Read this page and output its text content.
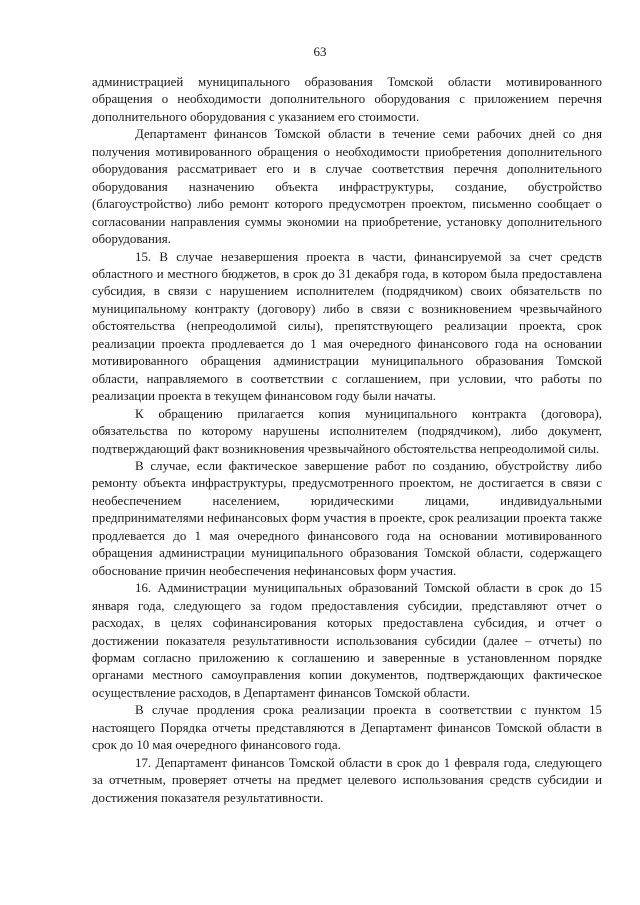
63

администрацией муниципального образования Томской области мотивированного обращения о необходимости дополнительного оборудования с приложением перечня дополнительного оборудования с указанием его стоимости.

Департамент финансов Томской области в течение семи рабочих дней со дня получения мотивированного обращения о необходимости приобретения дополнительного оборудования рассматривает его и в случае соответствия перечня дополнительного оборудования назначению объекта инфраструктуры, создание, обустройство (благоустройство) либо ремонт которого предусмотрен проектом, письменно сообщает о согласовании направления суммы экономии на приобретение, установку дополнительного оборудования.

15. В случае незавершения проекта в части, финансируемой за счет средств областного и местного бюджетов, в срок до 31 декабря года, в котором была предоставлена субсидия, в связи с нарушением исполнителем (подрядчиком) своих обязательств по муниципальному контракту (договору) либо в связи с возникновением чрезвычайного обстоятельства (непреодолимой силы), препятствующего реализации проекта, срок реализации проекта продлевается до 1 мая очередного финансового года на основании мотивированного обращения администрации муниципального образования Томской области, направляемого в соответствии с соглашением, при условии, что работы по реализации проекта в текущем финансовом году были начаты.

К обращению прилагается копия муниципального контракта (договора), обязательства по которому нарушены исполнителем (подрядчиком), либо документ, подтверждающий факт возникновения чрезвычайного обстоятельства непреодолимой силы.

В случае, если фактическое завершение работ по созданию, обустройству либо ремонту объекта инфраструктуры, предусмотренного проектом, не достигается в связи с необеспечением населением, юридическими лицами, индивидуальными предпринимателями нефинансовых форм участия в проекте, срок реализации проекта также продлевается до 1 мая очередного финансового года на основании мотивированного обращения администрации муниципального образования Томской области, содержащего обоснование причин необеспечения нефинансовых форм участия.

16. Администрации муниципальных образований Томской области в срок до 15 января года, следующего за годом предоставления субсидии, представляют отчет о расходах, в целях софинансирования которых предоставлена субсидия, и отчет о достижении показателя результативности использования субсидии (далее – отчеты) по формам согласно приложению к соглашению и заверенные в установленном порядке органами местного самоуправления копии документов, подтверждающих фактическое осуществление расходов, в Департамент финансов Томской области.

В случае продления срока реализации проекта в соответствии с пунктом 15 настоящего Порядка отчеты представляются в Департамент финансов Томской области в срок до 10 мая очередного финансового года.

17. Департамент финансов Томской области в срок до 1 февраля года, следующего за отчетным, проверяет отчеты на предмет целевого использования средств субсидии и достижения показателя результативности.
